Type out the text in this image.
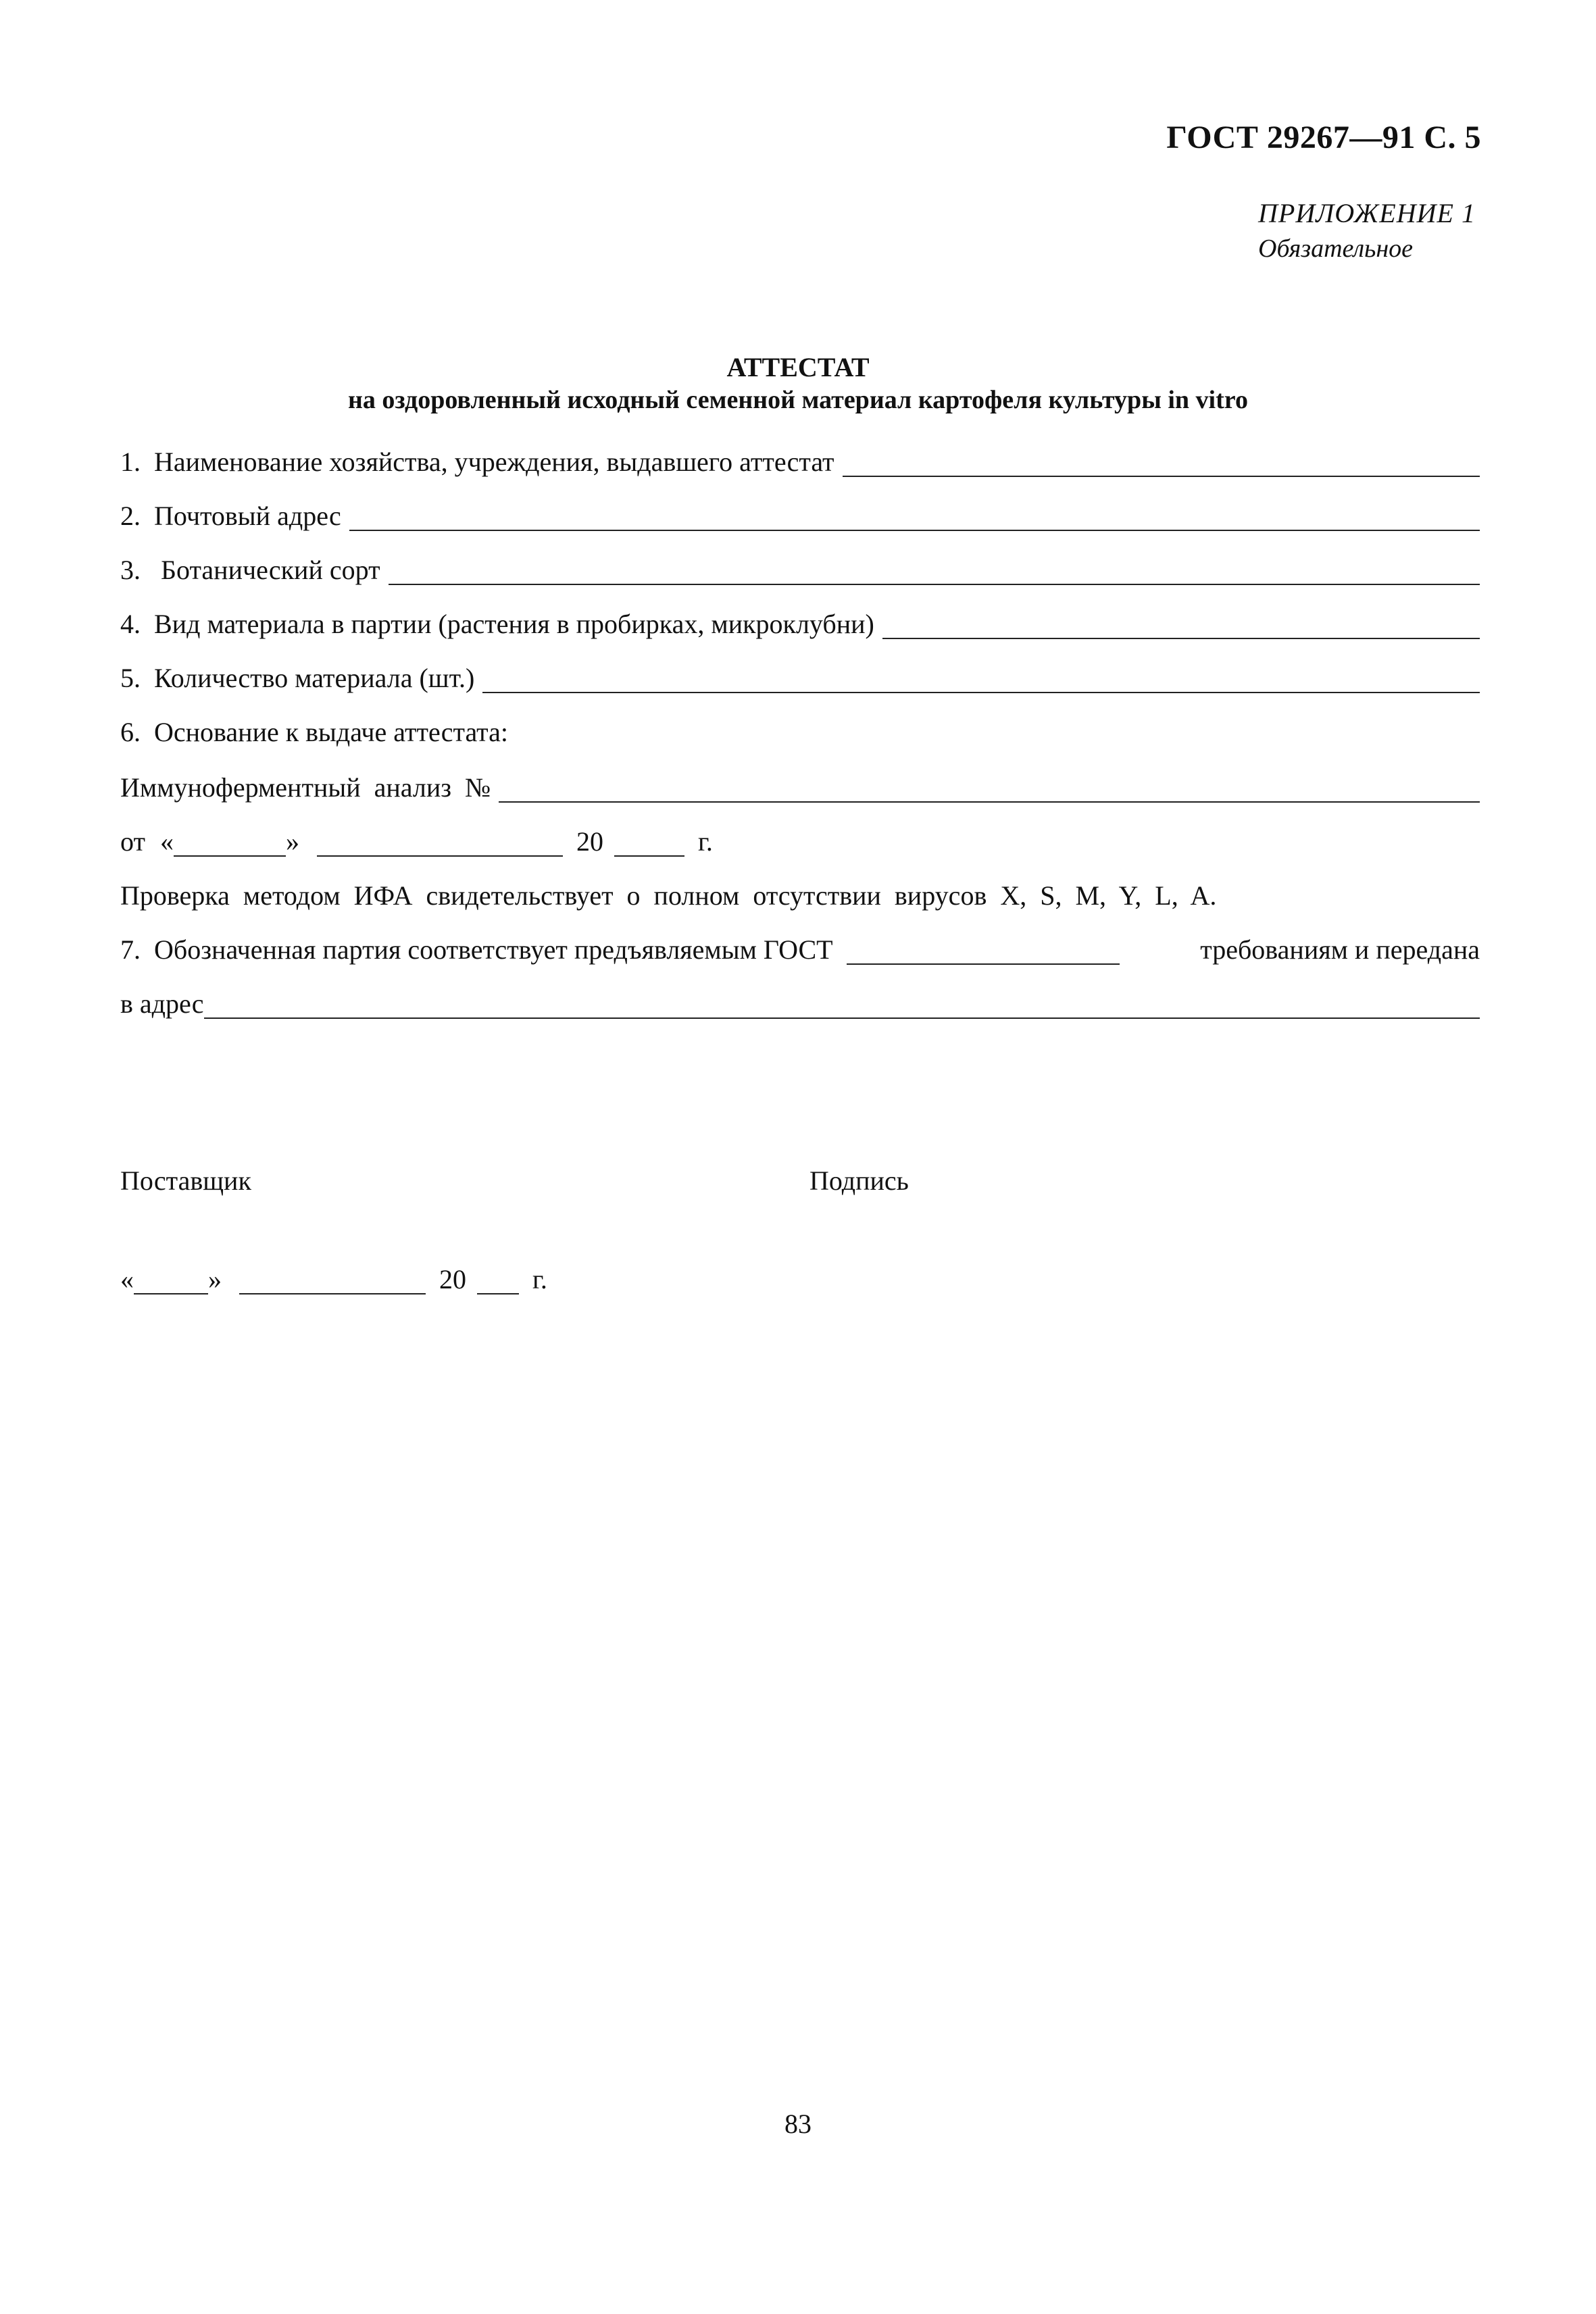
ГОСТ 29267—91 С. 5
ПРИЛОЖЕНИЕ 1
Обязательное
АТТЕСТАТ
на оздоровленный исходный семенной материал картофеля культуры in vitro
1.  Наименование хозяйства, учреждения, выдавшего аттестат
2.  Почтовый адрес
3.   Ботанический сорт
4.  Вид материала в партии (растения в пробирках, микроклубни)
5.  Количество материала (шт.)
6.  Основание к выдаче аттестата:
Иммуноферментный  анализ  №
от «	»	20	г.
Проверка  методом  ИФА  свидетельствует  о  полном  отсутствии  вирусов  X,  S,  M,  Y,  L,  A.
7.  Обозначенная партия соответствует предъявляемым ГОСТ	требованиям и передана
в адрес
Поставщик	Подпись
«	»	20 г.
83
